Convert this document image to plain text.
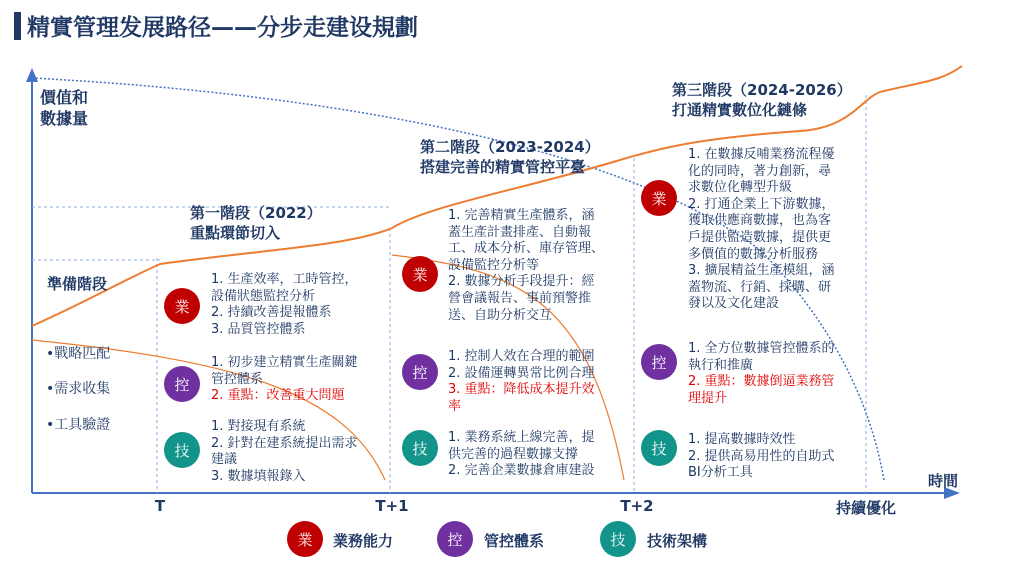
精實管理发展路径——分步走建设規劃
價值和
數據量
時間
T	T+1	T+2	持續優化
準備階段
•戰略匹配
•需求收集
•工具驗證
第一階段（2022）
重點環節切入
第二階段（2023-2024）
搭建完善的精實管控平臺
第三階段（2024-2026）
打通精實數位化鏈條
業
1. 生產效率，工時管控，
設備狀態監控分析
2. 持續改善提報體系
3. 品質管控體系
控
1. 初步建立精實生產關鍵
管控體系
2. 重點：改善重大問題
技
1. 對接現有系統
2. 針對在建系統提出需求
建議
3. 數據填報錄入
業
1. 完善精實生產體系，涵
蓋生產計畫排產、自動報
工、成本分析、庫存管理、
設備監控分析等
2. 數據分析手段提升：經
營會議報告、事前預警推
送、自助分析交互
控
1. 控制人效在合理的範圍
2. 設備運轉異常比例合理
3. 重點：降低成本提升效
率
技
1. 業務系統上線完善，提
供完善的過程數據支撐
2. 完善企業數據倉庫建設
業
1. 在數據反哺業務流程優
化的同時，著力創新，尋
求數位化轉型升級
2. 打通企業上下游數據，
獲取供應商數據，也為客
戶提供監造數據，提供更
多價值的數據分析服務
3. 擴展精益生產模組，涵
蓋物流、行銷、採購、研
發以及文化建設
控
1. 全方位數據管控體系的
執行和推廣
2. 重點：數據倒逼業務管
理提升
技	1. 提高數據時效性
2. 提供高易用性的自助式
BI分析工具
業	業務能力	控	管控體系	技	技術架構
